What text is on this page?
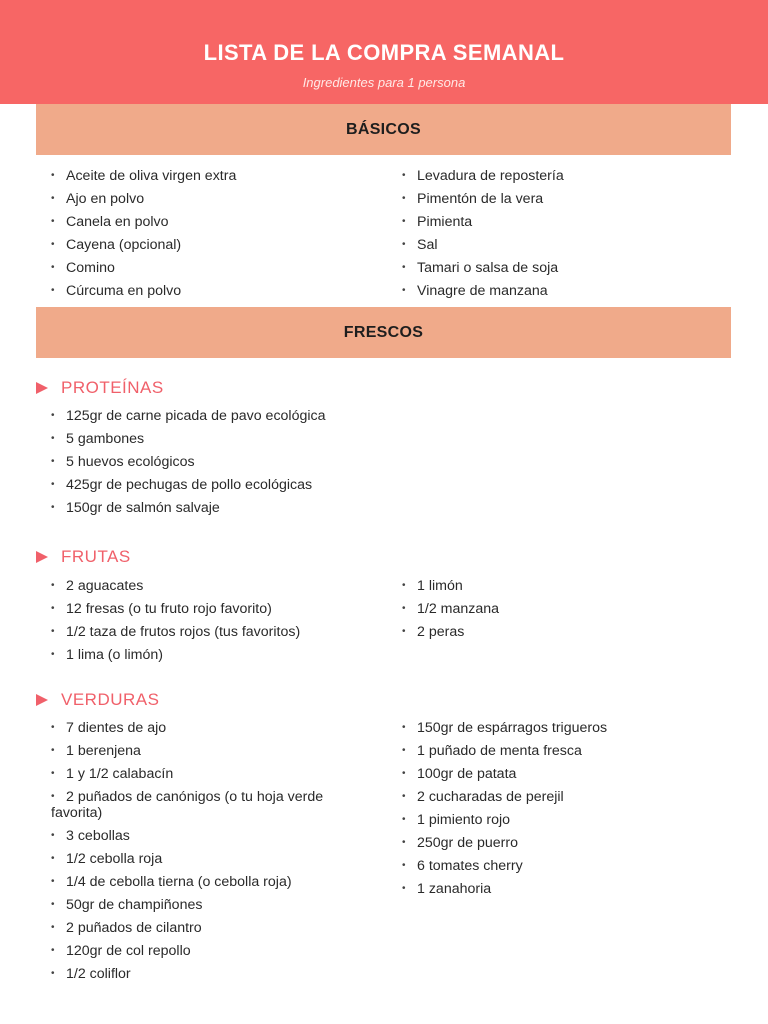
LISTA DE LA COMPRA SEMANAL
Ingredientes para 1 persona
BÁSICOS
• Aceite de oliva virgen extra
• Ajo en polvo
• Canela en polvo
• Cayena (opcional)
• Comino
• Cúrcuma en polvo
• Levadura de repostería
• Pimentón de la vera
• Pimienta
• Sal
• Tamari o salsa de soja
• Vinagre de manzana
FRESCOS
PROTEÍNAS
• 125gr de carne picada de pavo ecológica
• 5 gambones
• 5 huevos ecológicos
• 425gr de pechugas de pollo ecológicas
• 150gr de salmón salvaje
FRUTAS
• 2 aguacates
• 12 fresas (o tu fruto rojo favorito)
• 1/2 taza de frutos rojos (tus favoritos)
• 1 lima (o limón)
• 1 limón
• 1/2 manzana
• 2 peras
VERDURAS
• 7 dientes de ajo
• 1 berenjena
• 1 y 1/2 calabacín
• 2 puñados de canónigos (o tu hoja verde
favorita)
• 3 cebollas
• 1/2 cebolla roja
• 1/4 de cebolla tierna (o cebolla roja)
• 50gr de champiñones
• 2 puñados de cilantro
• 120gr de col repollo
• 1/2 coliflor
• 150gr de espárragos trigueros
• 1 puñado de menta fresca
• 100gr de patata
• 2 cucharadas de perejil
• 1 pimiento rojo
• 250gr de puerro
• 6 tomates cherry
• 1 zanahoria
